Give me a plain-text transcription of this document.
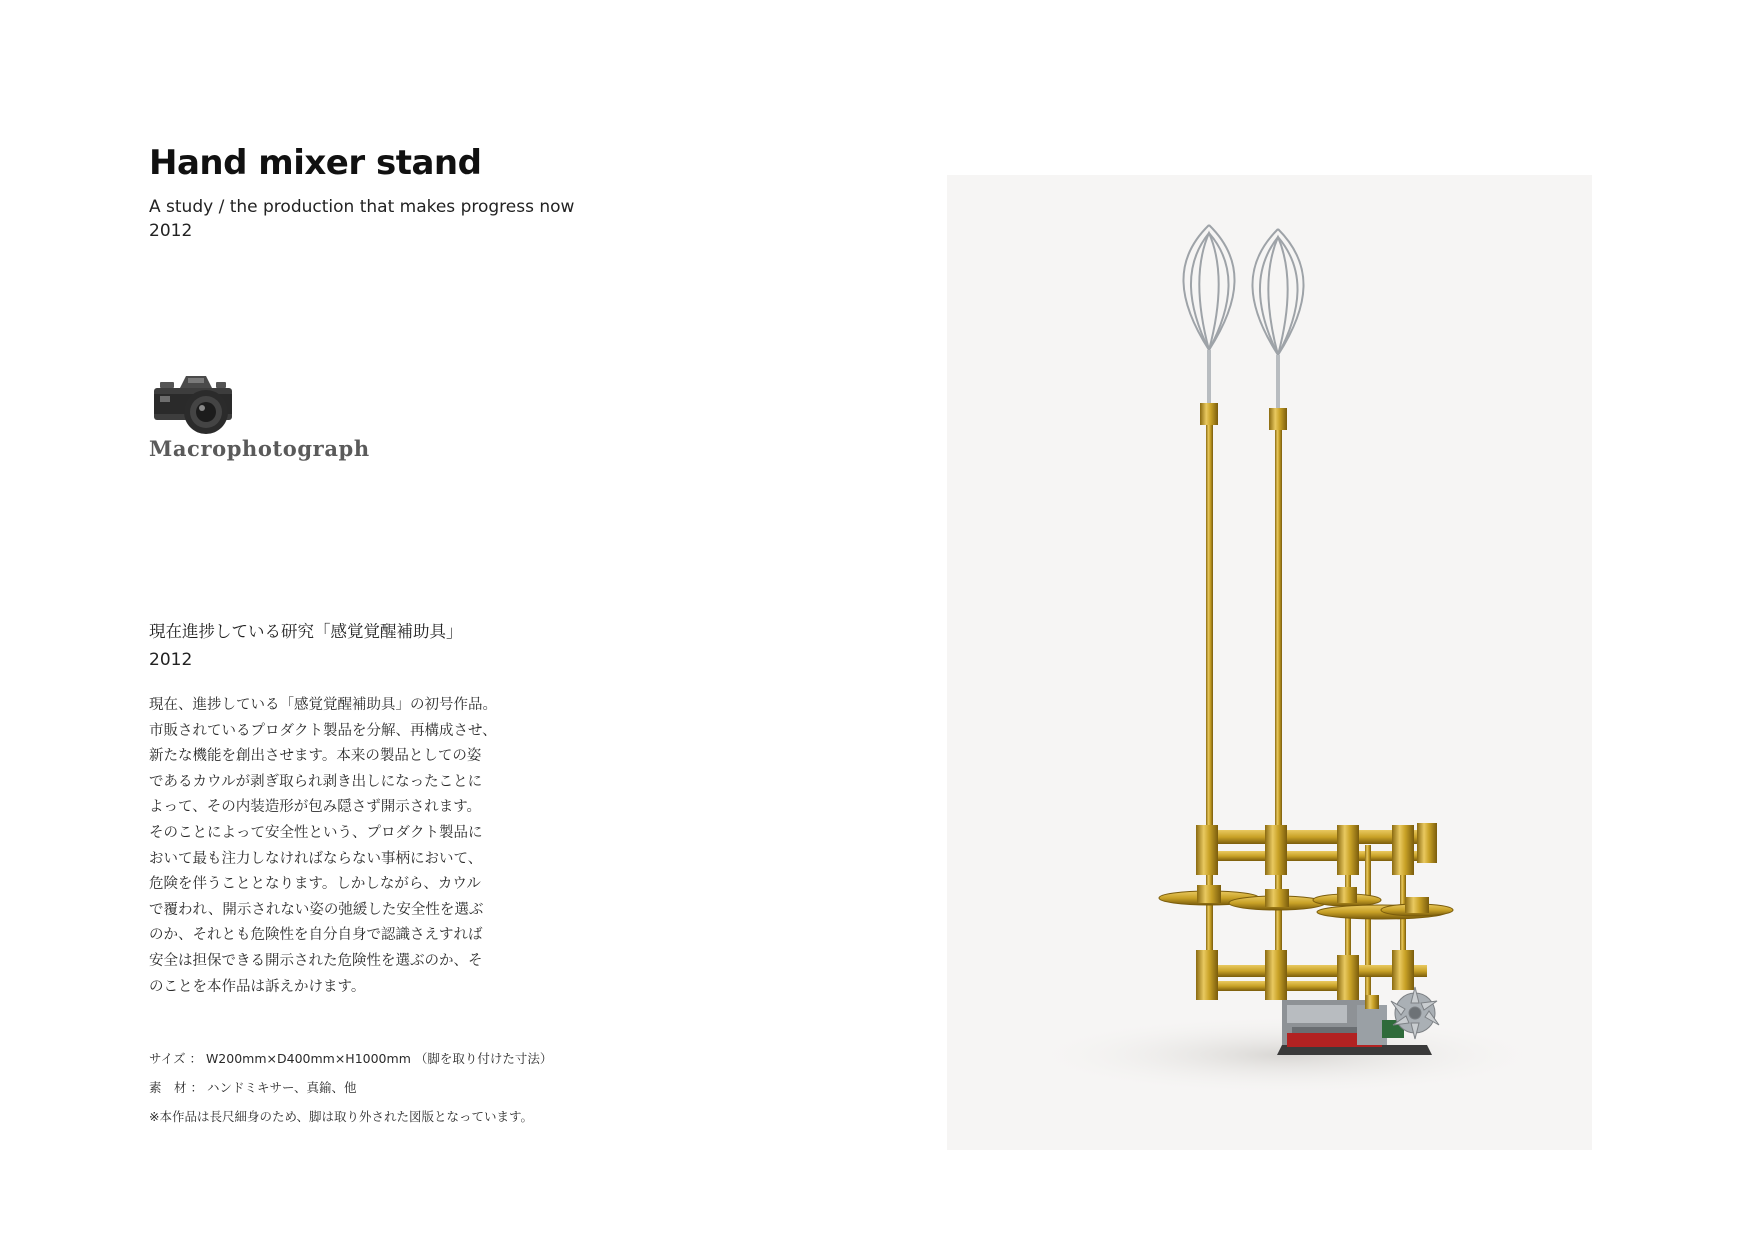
Hand mixer stand
A study / the production that makes progress now
2012
Macrophotograph
現在進捗している研究「感覚覚醒補助具」
2012
現在、進捗している「感覚覚醒補助具」の初号作品。
市販されているプロダクト製品を分解、再構成させ、
新たな機能を創出させます。本来の製品としての姿
であるカウルが剥ぎ取られ剥き出しになったことに
よって、その内装造形が包み隠さず開示されます。
そのことによって安全性という、プロダクト製品に
おいて最も注力しなければならない事柄において、
危険を伴うこととなります。しかしながら、カウル
で覆われ、開示されない姿の弛緩した安全性を選ぶ
のか、それとも危険性を自分自身で認識さえすれば
安全は担保できる開示された危険性を選ぶのか、そ
のことを本作品は訴えかけます。
サイズ ： W200mm×D400mm×H1000mm （脚を取り付けた寸法）
素　材 ： ハンドミキサー、真鍮、他
※本作品は長尺細身のため、脚は取り外された図版となっています。
